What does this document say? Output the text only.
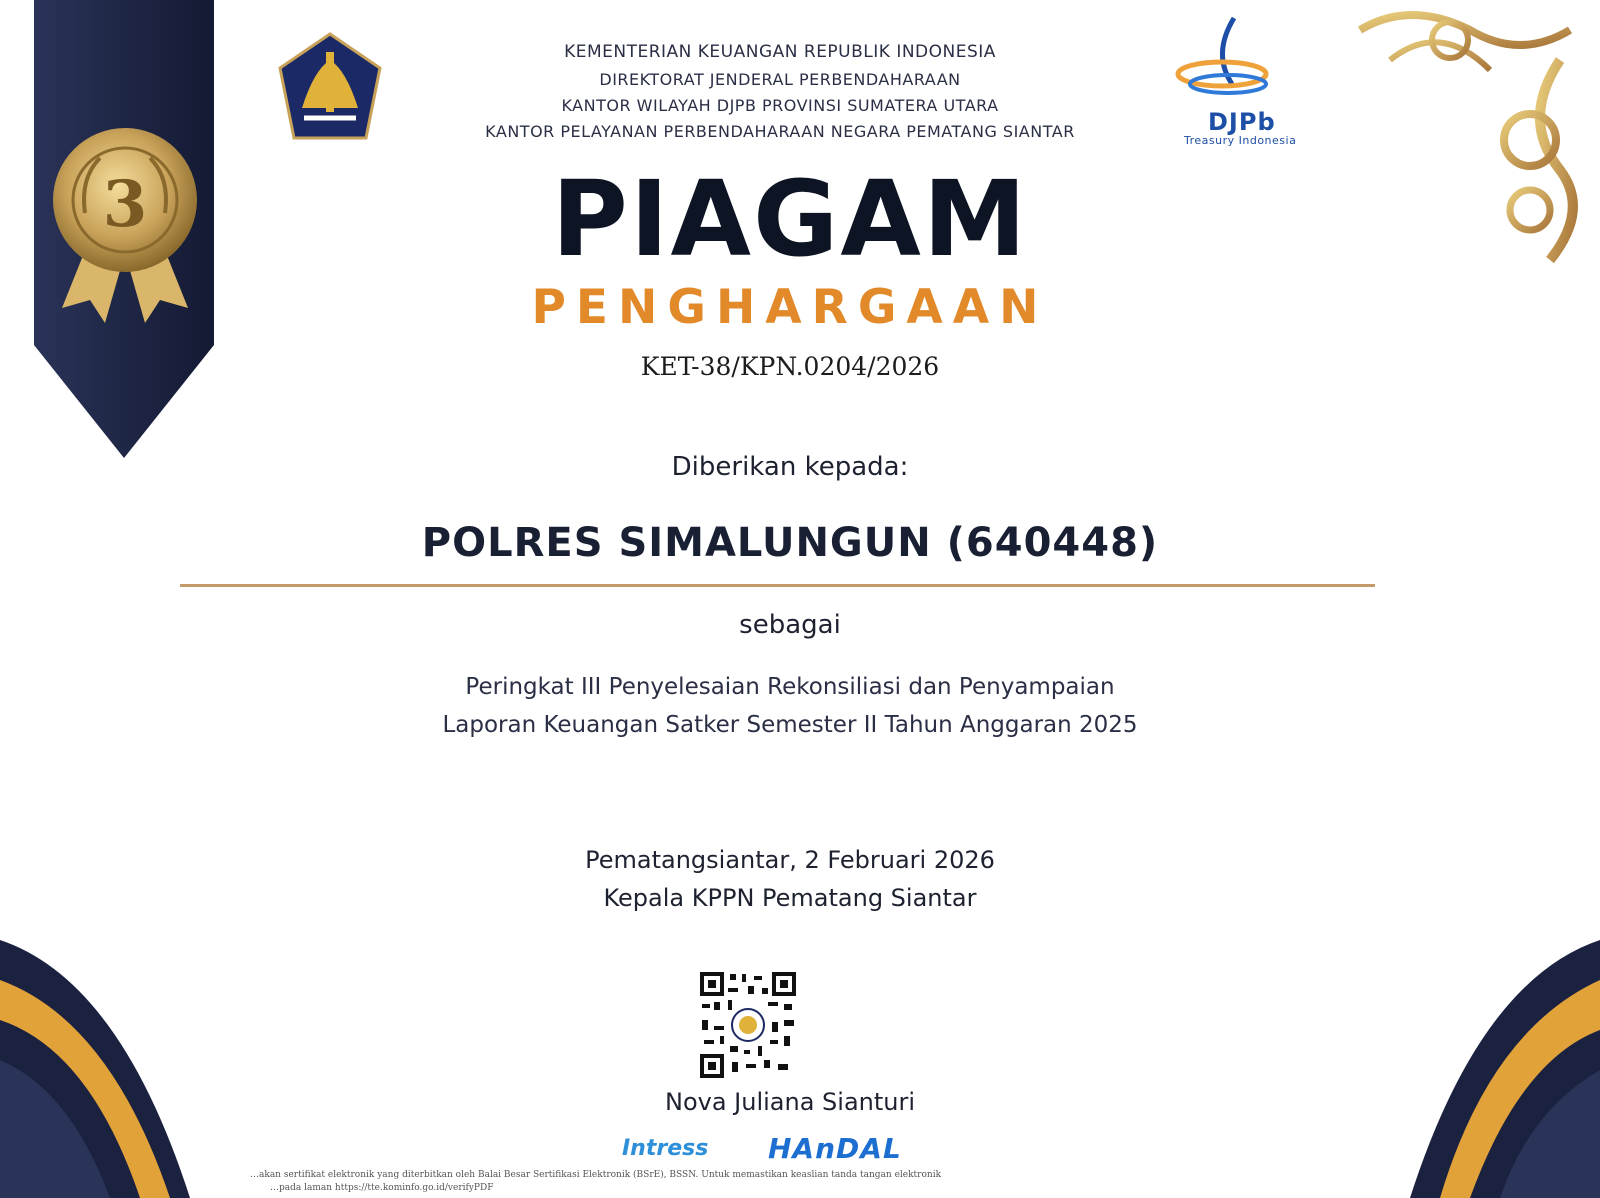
3
DJPb
Treasury Indonesia
KEMENTERIAN KEUANGAN REPUBLIK INDONESIA
DIREKTORAT JENDERAL PERBENDAHARAAN
KANTOR WILAYAH DJPB PROVINSI SUMATERA UTARA
KANTOR PELAYANAN PERBENDAHARAAN NEGARA PEMATANG SIANTAR
PIAGAM
PENGHARGAAN
KET-38/KPN.0204/2026
Diberikan kepada:
POLRES SIMALUNGUN (640448)
sebagai
Peringkat III Penyelesaian Rekonsiliasi dan Penyampaian
Laporan Keuangan Satker Semester II Tahun Anggaran 2025
Pematangsiantar, 2 Februari 2026
Kepala KPPN Pematang Siantar
Nova Juliana Sianturi
Intress HAnDAL
…akan sertifikat elektronik yang diterbitkan oleh Balai Besar Sertifikasi Elektronik (BSrE), BSSN. Untuk memastikan keaslian tanda tangan elektronik
…pada laman https://tte.kominfo.go.id/verifyPDF
